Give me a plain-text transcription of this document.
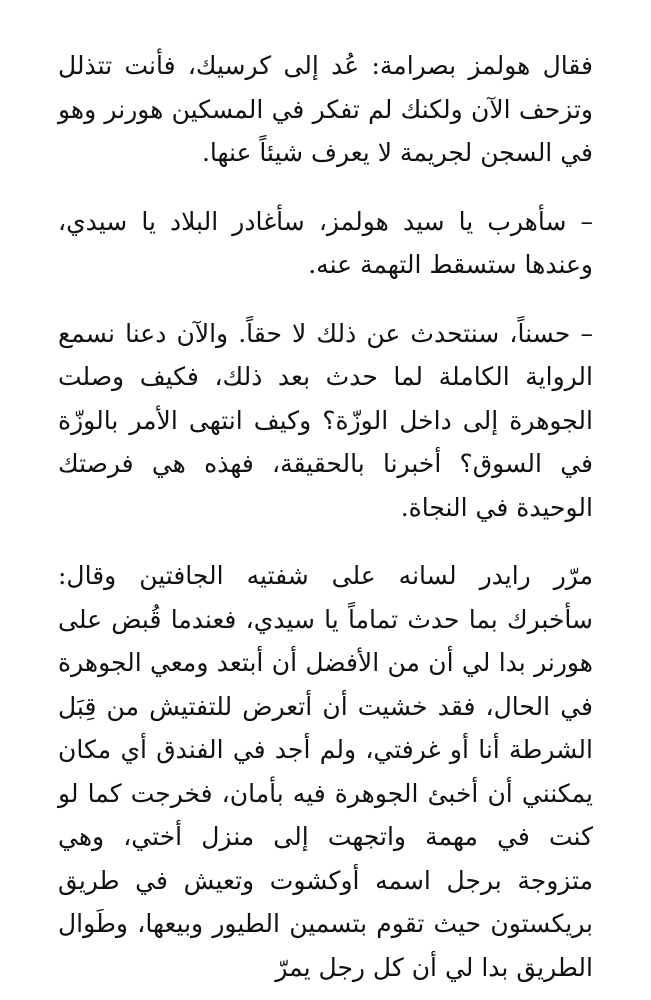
فقال هولمز بصرامة: عُد إلى كرسيك، فأنت تتذلل وتزحف الآن ولكنك لم تفكر في المسكين هورنر وهو في السجن لجريمة لا يعرف شيئاً عنها.

– سأهرب يا سيد هولمز، سأغادر البلاد يا سيدي، وعندها ستسقط التهمة عنه.

– حسناً، سنتحدث عن ذلك لا حقاً. والآن دعنا نسمع الرواية الكاملة لما حدث بعد ذلك، فكيف وصلت الجوهرة إلى داخل الوزّة؟ وكيف انتهى الأمر بالوزّة في السوق؟ أخبرنا بالحقيقة، فهذه هي فرصتك الوحيدة في النجاة.

مرّر رايدر لسانه على شفتيه الجافتين وقال: سأخبرك بما حدث تماماً يا سيدي، فعندما قُبض على هورنر بدا لي أن من الأفضل أن أبتعد ومعي الجوهرة في الحال، فقد خشيت أن أتعرض للتفتيش من قِبَل الشرطة أنا أو غرفتي، ولم أجد في الفندق أي مكان يمكنني أن أخبئ الجوهرة فيه بأمان، فخرجت كما لو كنت في مهمة واتجهت إلى منزل أختي، وهي متزوجة برجل اسمه أوكشوت وتعيش في طريق بريكستون حيث تقوم بتسمين الطيور وبيعها، وطَوال الطريق بدا لي أن كل رجل يمرّ
